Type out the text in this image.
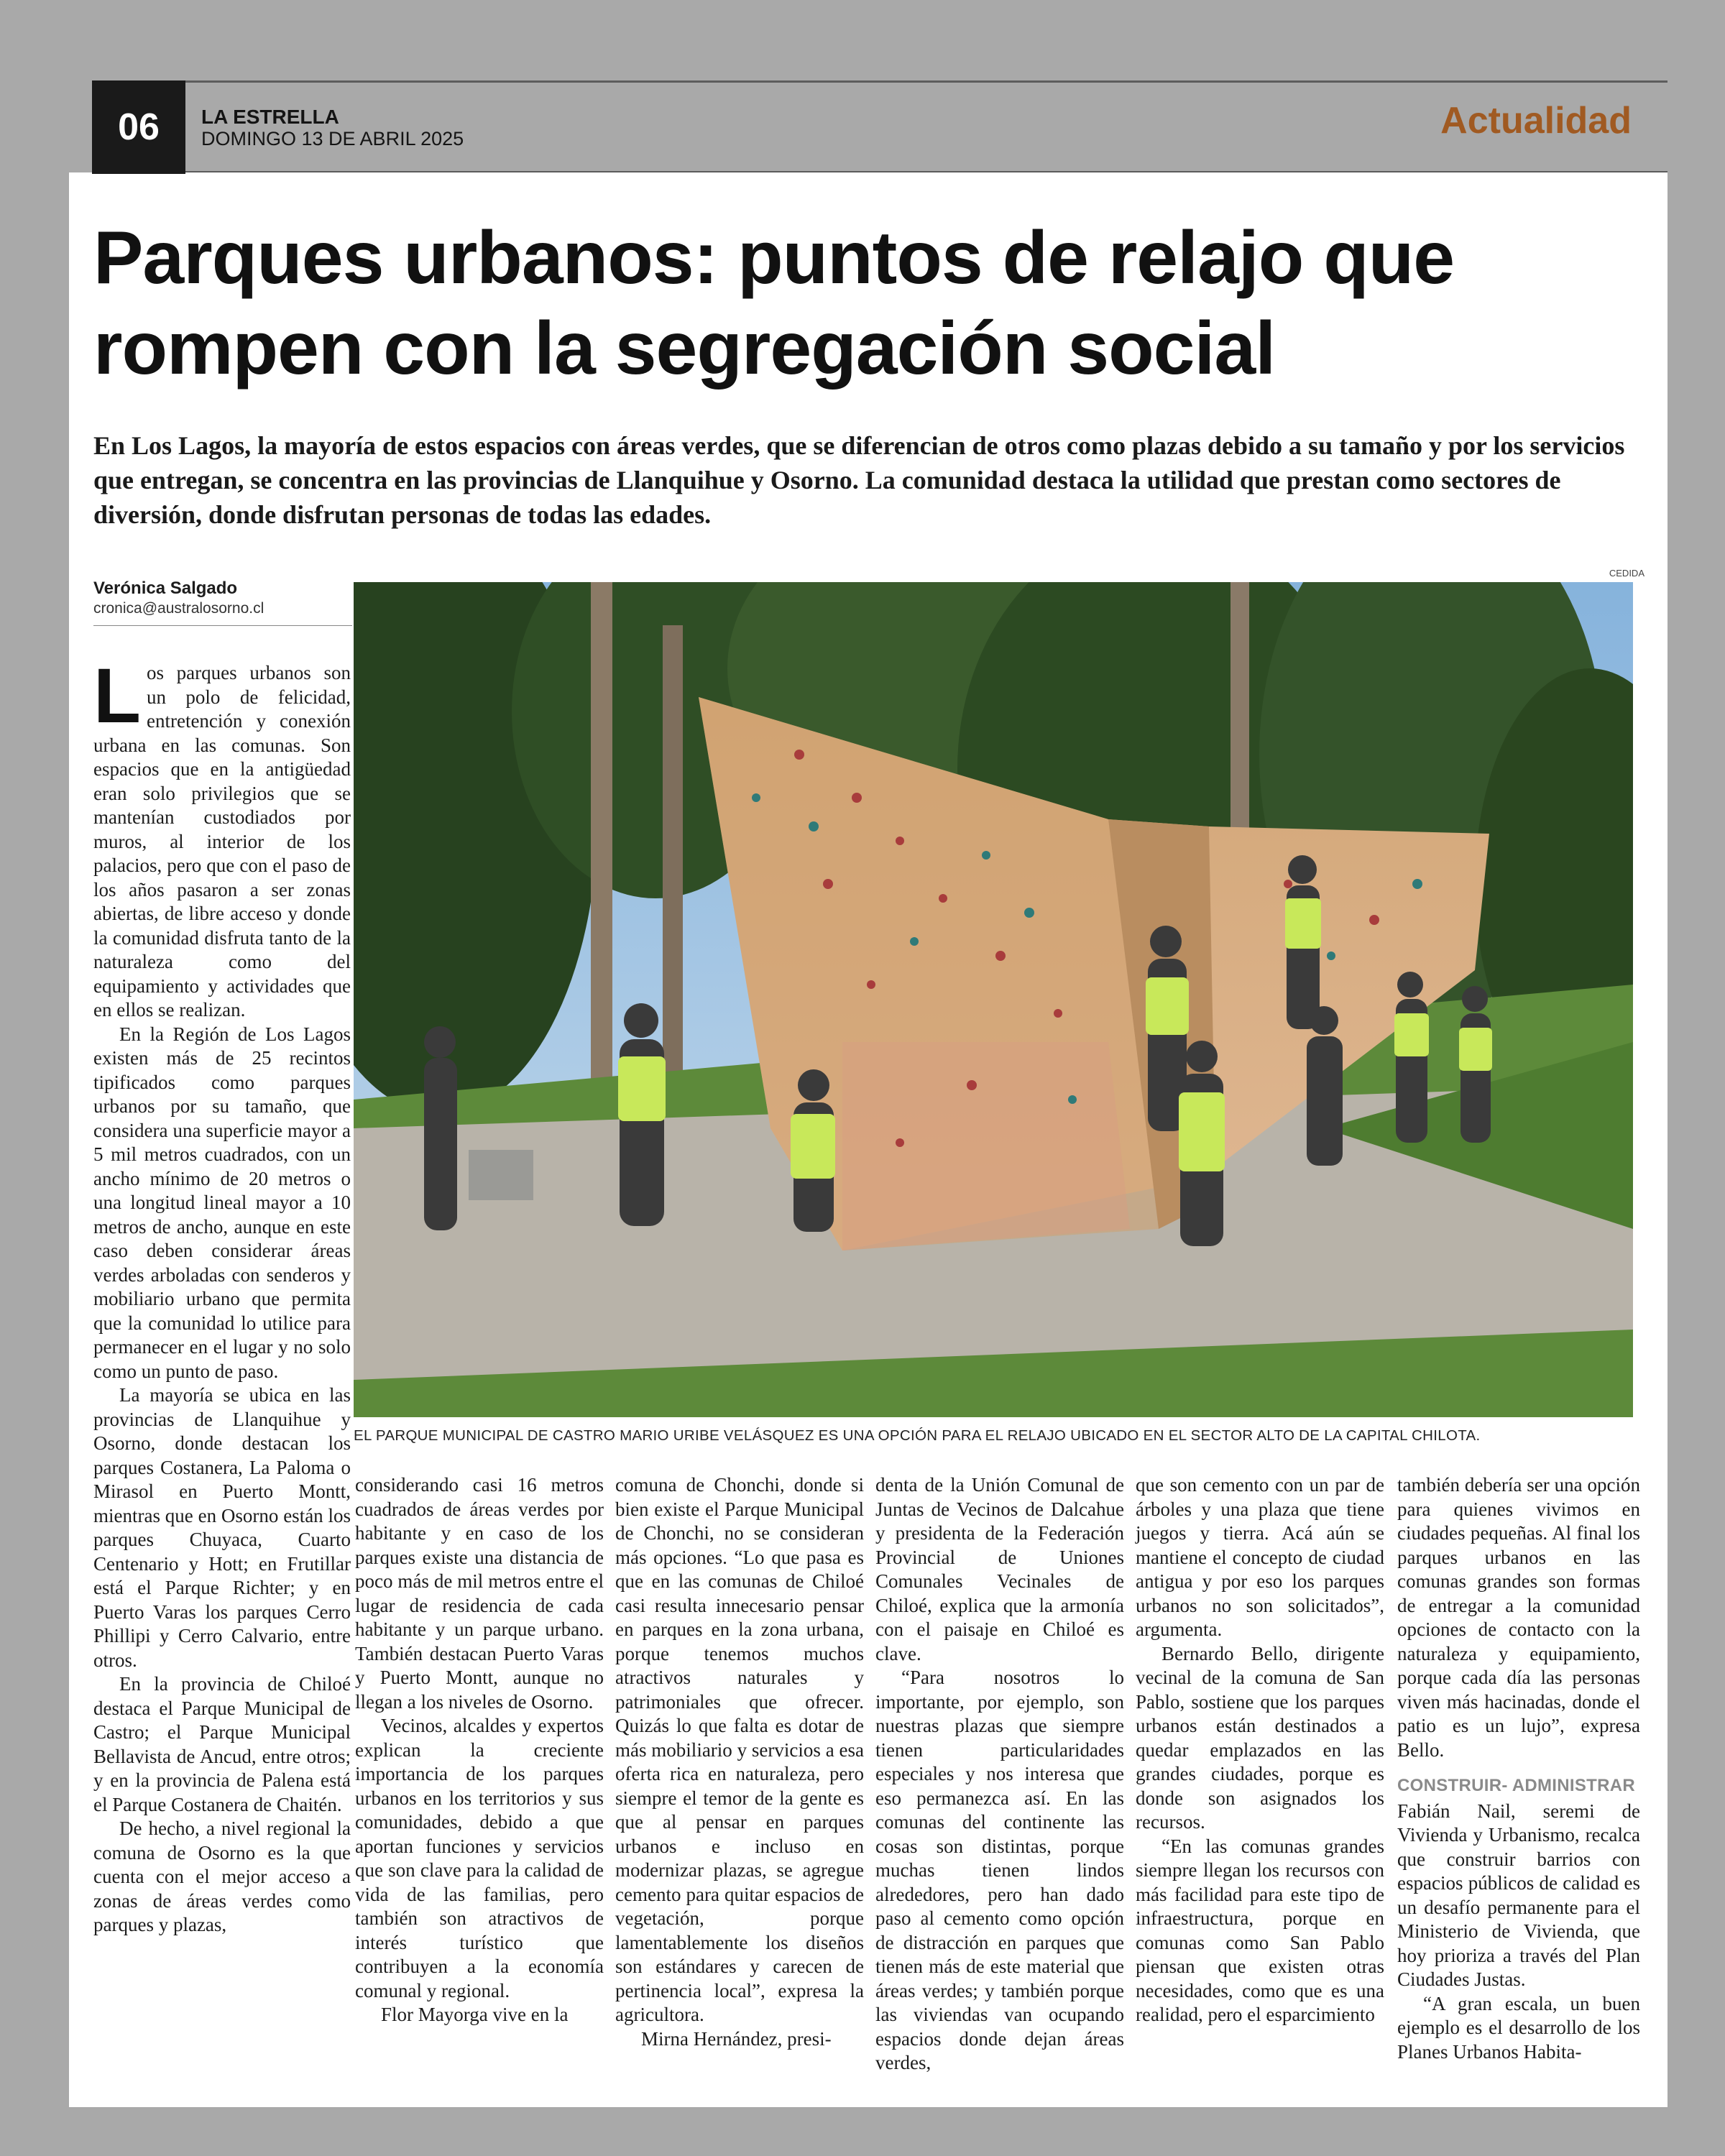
06	LA ESTRELLA
DOMINGO 13 DE ABRIL 2025	Actualidad
Parques urbanos: puntos de relajo que rompen con la segregación social

En Los Lagos, la mayoría de estos espacios con áreas verdes, que se diferencian de otros como plazas debido a su tamaño y por los servicios que entregan, se concentra en las provincias de Llanquihue y Osorno. La comunidad destaca la utilidad que prestan como sectores de diversión, donde disfrutan personas de todas las edades.

Verónica Salgado
cronica@australosorno.cl
CEDIDA
EL PARQUE MUNICIPAL DE CASTRO MARIO URIBE VELÁSQUEZ ES UNA OPCIÓN PARA EL RELAJO UBICADO EN EL SECTOR ALTO DE LA CAPITAL CHILOTA.

Los parques urbanos son un polo de felicidad, entretención y conexión urbana en las comunas. Son espacios que en la antigüedad eran solo privilegios que se mantenían custodiados por muros, al interior de los palacios, pero que con el paso de los años pasaron a ser zonas abiertas, de libre acceso y donde la comunidad disfruta tanto de la naturaleza como del equipamiento y actividades que en ellos se realizan.

En la Región de Los Lagos existen más de 25 recintos tipificados como parques urbanos por su tamaño, que considera una superficie mayor a 5 mil metros cuadrados, con un ancho mínimo de 20 metros o una longitud lineal mayor a 10 metros de ancho, aunque en este caso deben considerar áreas verdes arboladas con senderos y mobiliario urbano que permita que la comunidad lo utilice para permanecer en el lugar y no solo como un punto de paso.

La mayoría se ubica en las provincias de Llanquihue y Osorno, donde destacan los parques Costanera, La Paloma o Mirasol en Puerto Montt, mientras que en Osorno están los parques Chuyaca, Cuarto Centenario y Hott; en Frutillar está el Parque Richter; y en Puerto Varas los parques Cerro Phillipi y Cerro Calvario, entre otros.

En la provincia de Chiloé destaca el Parque Municipal de Castro; el Parque Municipal Bellavista de Ancud, entre otros; y en la provincia de Palena está el Parque Costanera de Chaitén.

De hecho, a nivel regional la comuna de Osorno es la que cuenta con el mejor acceso a zonas de áreas verdes como parques y plazas,

considerando casi 16 metros cuadrados de áreas verdes por habitante y en caso de los parques existe una distancia de poco más de mil metros entre el lugar de residencia de cada habitante y un parque urbano. También destacan Puerto Varas y Puerto Montt, aunque no llegan a los niveles de Osorno.

Vecinos, alcaldes y expertos explican la creciente importancia de los parques urbanos en los territorios y sus comunidades, debido a que aportan funciones y servicios que son clave para la calidad de vida de las familias, pero también son atractivos de interés turístico que contribuyen a la economía comunal y regional.

Flor Mayorga vive en la

comuna de Chonchi, donde si bien existe el Parque Municipal de Chonchi, no se consideran más opciones. “Lo que pasa es que en las comunas de Chiloé casi resulta innecesario pensar en parques en la zona urbana, porque tenemos muchos atractivos naturales y patrimoniales que ofrecer. Quizás lo que falta es dotar de más mobiliario y servicios a esa oferta rica en naturaleza, pero siempre el temor de la gente es que al pensar en parques urbanos e incluso en modernizar plazas, se agregue cemento para quitar espacios de vegetación, porque lamentablemente los diseños son estándares y carecen de pertinencia local”, expresa la agricultora.

Mirna Hernández, presi-

denta de la Unión Comunal de Juntas de Vecinos de Dalcahue y presidenta de la Federación Provincial de Uniones Comunales Vecinales de Chiloé, explica que la armonía con el paisaje en Chiloé es clave.

“Para nosotros lo importante, por ejemplo, son nuestras plazas que siempre tienen particularidades especiales y nos interesa que eso permanezca así. En las comunas del continente las cosas son distintas, porque muchas tienen lindos alrededores, pero han dado paso al cemento como opción de distracción en parques que tienen más de este material que áreas verdes; y también porque las viviendas van ocupando espacios donde dejan áreas verdes,

que son cemento con un par de árboles y una plaza que tiene juegos y tierra. Acá aún se mantiene el concepto de ciudad antigua y por eso los parques urbanos no son solicitados”, argumenta.

Bernardo Bello, dirigente vecinal de la comuna de San Pablo, sostiene que los parques urbanos están destinados a quedar emplazados en las grandes ciudades, porque es donde son asignados los recursos.

“En las comunas grandes siempre llegan los recursos con más facilidad para este tipo de infraestructura, porque en comunas como San Pablo piensan que existen otras necesidades, como que es una realidad, pero el esparcimiento

también debería ser una opción para quienes vivimos en ciudades pequeñas. Al final los parques urbanos en las comunas grandes son formas de entregar a la comunidad opciones de contacto con la naturaleza y equipamiento, porque cada día las personas viven más hacinadas, donde el patio es un lujo”, expresa Bello.

CONSTRUIR- ADMINISTRAR

Fabián Nail, seremi de Vivienda y Urbanismo, recalca que construir barrios con espacios públicos de calidad es un desafío permanente para el Ministerio de Vivienda, que hoy prioriza a través del Plan Ciudades Justas.

“A gran escala, un buen ejemplo es el desarrollo de los Planes Urbanos Habita-
